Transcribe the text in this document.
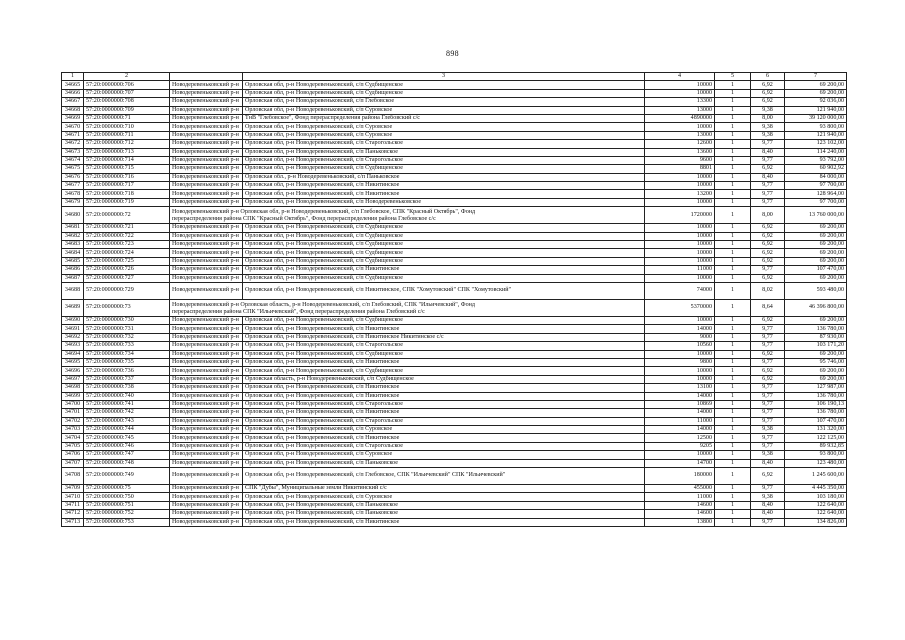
898
1	2		3	4	5	6	7
34665	57:20:0000000:706	Новодеревеньковский р-н	Орловская обл, р-н Новодеревеньковский, с/п Судбищенское	10000	1	6,92	69 200,00
34666	57:20:0000000:707	Новодеревеньковский р-н	Орловская обл, р-н Новодеревеньковский, с/п Судбищенское	10000	1	6,92	69 200,00
34667	57:20:0000000:708	Новодеревеньковский р-н	Орловская обл, р-н Новодеревеньковский, с/п Глебовское	13300	1	6,92	92 036,00
34668	57:20:0000000:709	Новодеревеньковский р-н	Орловская обл, р-н Новодеревеньковский, с/п Суровское	13000	1	9,38	121 940,00
34669	57:20:0000000:71	Новодеревеньковский р-н	ТнВ "Глебовское", Фонд перераспределения района Глебовский с/с	4890000	1	8,00	39 120 000,00
34670	57:20:0000000:710	Новодеревеньковский р-н	Орловская обл, р-н Новодеревеньковский, с/п Суровское	10000	1	9,38	93 800,00
34671	57:20:0000000:711	Новодеревеньковский р-н	Орловская обл, р-н Новодеревеньковский, с/п Суровское	13000	1	9,38	121 940,00
34672	57:20:0000000:712	Новодеревеньковский р-н	Орловская обл, р-н Новодеревеньковский, с/п Старогольское	12600	1	9,77	123 102,00
34673	57:20:0000000:713	Новодеревеньковский р-н	Орловская обл, р-н Новодеревеньковский, с/п Паньковское	13600	1	8,40	114 240,00
34674	57:20:0000000:714	Новодеревеньковский р-н	Орловская обл, р-н Новодеревеньковский, с/п Старогольское	9600	1	9,77	93 792,00
34675	57:20:0000000:715	Новодеревеньковский р-н	Орловская обл, р-н Новодеревеньковский, с/п Судбищенское	8801	1	6,92	60 902,92
34676	57:20:0000000:716	Новодеревеньковский р-н	Орловская обл., р-н Новодеревеньковский, с/п Паньковское	10000	1	8,40	84 000,00
34677	57:20:0000000:717	Новодеревеньковский р-н	Орловская обл, р-н Новодеревеньковский, с/п Никитинское	10000	1	9,77	97 700,00
34678	57:20:0000000:718	Новодеревеньковский р-н	Орловская обл, р-н Новодеревеньковский, с/п Никитинское	13200	1	9,77	128 964,00
34679	57:20:0000000:719	Новодеревеньковский р-н	Орловская обл, р-н Новодеревеньковский, с/п Новодеревеньковское	10000	1	9,77	97 700,00
34680	57:20:0000000:72	Новодеревеньковский р-н Орловская обл, р-н Новодеревеньковский, с/п Глебовское, СПК "Красный Октябрь", Фонд
перераспределения района СПК "Красный Октябрь", Фонд перераспределения района Глебовское с/с		1720000	1	8,00	13 760 000,00
34681	57:20:0000000:721	Новодеревеньковский р-н	Орловская обл, р-н Новодеревеньковский, с/п Судбищенское	10000	1	6,92	69 200,00
34682	57:20:0000000:722	Новодеревеньковский р-н	Орловская обл, р-н Новодеревеньковский, с/п Судбищенское	10000	1	6,92	69 200,00
34683	57:20:0000000:723	Новодеревеньковский р-н	Орловская обл, р-н Новодеревеньковский, с/п Судбищенское	10000	1	6,92	69 200,00
34684	57:20:0000000:724	Новодеревеньковский р-н	Орловская обл, р-н Новодеревеньковский, с/п Судбищенское	10000	1	6,92	69 200,00
34685	57:20:0000000:725	Новодеревеньковский р-н	Орловская обл, р-н Новодеревеньковский, с/п Судбищенское	10000	1	6,92	69 200,00
34686	57:20:0000000:726	Новодеревеньковский р-н	Орловская обл, р-н Новодеревеньковский, с/п Никитинское	11000	1	9,77	107 470,00
34687	57:20:0000000:727	Новодеревеньковский р-н	Орловская обл, р-н Новодеревеньковский, с/п Судбищенское	10000	1	6,92	69 200,00
34688	57:20:0000000:729	Новодеревеньковский р-н	Орловская обл, р-н Новодеревеньковский, с/п Никитинское, СПК "Хомутовский" СПК "Хомутовский"	74000	1	8,02	593 480,00
34689	57:20:0000000:73	Новодеревеньковский р-н Орловская область, р-н Новодеревеньковский, с/п Глебовский, СПК "Ильичевский", Фонд
перераспределения района СПК "Ильичевский", Фонд перераспределения района Глебовский с/с		5370000	1	8,64	46 396 800,00
34690	57:20:0000000:730	Новодеревеньковский р-н	Орловская обл, р-н Новодеревеньковский, с/п Судбищенское	10000	1	6,92	69 200,00
34691	57:20:0000000:731	Новодеревеньковский р-н	Орловская обл, р-н Новодеревеньковский, с/п Никитинское	14000	1	9,77	136 780,00
34692	57:20:0000000:732	Новодеревеньковский р-н	Орловская обл, р-н Новодеревеньковский, с/п Никитинское Никитинское с/с	9000	1	9,77	87 930,00
34693	57:20:0000000:733	Новодеревеньковский р-н	Орловская обл, р-н Новодеревеньковский, с/п Старогольское	10560	1	9,77	103 171,20
34694	57:20:0000000:734	Новодеревеньковский р-н	Орловская обл, р-н Новодеревеньковский, с/п Судбищенское	10000	1	6,92	69 200,00
34695	57:20:0000000:735	Новодеревеньковский р-н	Орловская обл, р-н Новодеревеньковский, с/п Никитинское	9800	1	9,77	95 746,00
34696	57:20:0000000:736	Новодеревеньковский р-н	Орловская обл, р-н Новодеревеньковский, с/п Судбищенское	10000	1	6,92	69 200,00
34697	57:20:0000000:737	Новодеревеньковский р-н	Орловская область, р-н Новодеревеньковский, с/п Судбищенское	10000	1	6,92	69 200,00
34698	57:20:0000000:738	Новодеревеньковский р-н	Орловская обл, р-н Новодеревеньковский, с/п Никитинское	13100	1	9,77	127 987,00
34699	57:20:0000000:740	Новодеревеньковский р-н	Орловская обл, р-н Новодеревеньковский, с/п Никитинское	14000	1	9,77	136 780,00
34700	57:20:0000000:741	Новодеревеньковский р-н	Орловская обл, р-н Новодеревеньковский, с/п Старогольское	10869	1	9,77	106 190,13
34701	57:20:0000000:742	Новодеревеньковский р-н	Орловская обл, р-н Новодеревеньковский, с/п Никитинское	14000	1	9,77	136 780,00
34702	57:20:0000000:743	Новодеревеньковский р-н	Орловская обл, р-н Новодеревеньковский, с/п Старогольское	11000	1	9,77	107 470,00
34703	57:20:0000000:744	Новодеревеньковский р-н	Орловская обл, р-н Новодеревеньковский, с/п Суровское	14000	1	9,38	131 320,00
34704	57:20:0000000:745	Новодеревеньковский р-н	Орловская обл, р-н Новодеревеньковский, с/п Никитинское	12500	1	9,77	122 125,00
34705	57:20:0000000:746	Новодеревеньковский р-н	Орловская обл, р-н Новодеревеньковский, с/п Старогольское	9205	1	9,77	89 932,85
34706	57:20:0000000:747	Новодеревеньковский р-н	Орловская обл, р-н Новодеревеньковский, с/п Суровское	10000	1	9,38	93 800,00
34707	57:20:0000000:748	Новодеревеньковский р-н	Орловская обл, р-н Новодеревеньковский, с/п Паньковское	14700	1	8,40	123 480,00
34708	57:20:0000000:749	Новодеревеньковский р-н	Орловская обл, р-н Новодеревеньковский, с/п Глебовское, СПК "Ильичевский" СПК "Ильичевский"	180000	1	6,92	1 245 600,00
34709	57:20:0000000:75	Новодеревеньковский р-н	СПК "Дубы", Муниципальные земли Никитинский с/с	455000	1	9,77	4 445 350,00
34710	57:20:0000000:750	Новодеревеньковский р-н	Орловская обл, р-н Новодеревеньковский, с/п Суровское	11000	1	9,38	103 180,00
34711	57:20:0000000:751	Новодеревеньковский р-н	Орловская обл, р-н Новодеревеньковский, с/п Паньковское	14600	1	8,40	122 640,00
34712	57:20:0000000:752	Новодеревеньковский р-н	Орловская обл, р-н Новодеревеньковский, с/п Паньковское	14600	1	8,40	122 640,00
34713	57:20:0000000:753	Новодеревеньковский р-н	Орловская обл, р-н Новодеревеньковский, с/п Никитинское	13800	1	9,77	134 826,00
